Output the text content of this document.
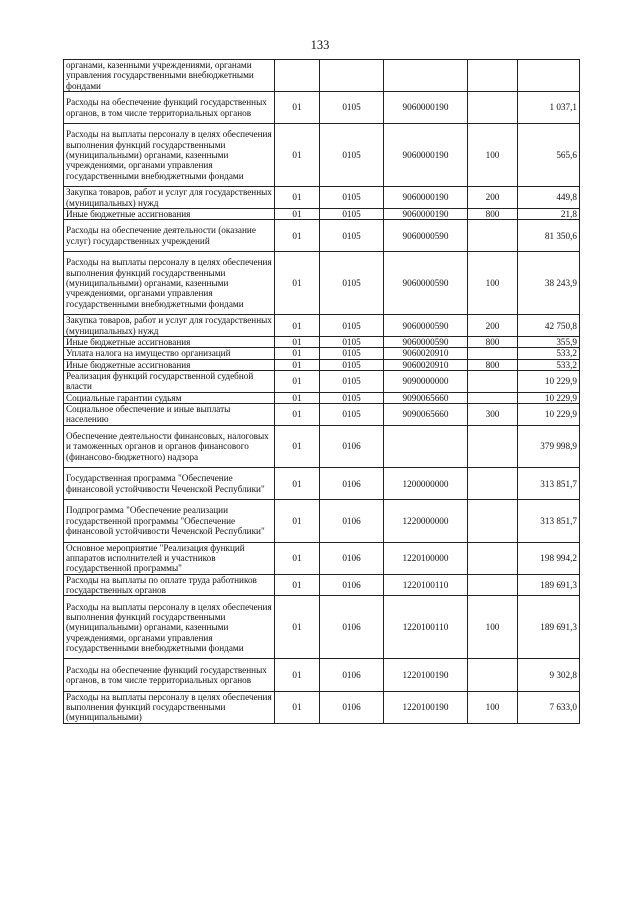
133
органами, казенными учреждениями, органами управления государственными внебюджетными фондами					
Расходы на обеспечение функций государственных органов, в том числе территориальных органов	01	0105	9060000190		1 037,1
Расходы на выплаты персоналу в целях обеспечения выполнения функций государственными (муниципальными) органами, казенными учреждениями, органами управления государственными внебюджетными фондами	01	0105	9060000190	100	565,6
Закупка товаров, работ и услуг для государственных (муниципальных) нужд	01	0105	9060000190	200	449,8
Иные бюджетные ассигнования	01	0105	9060000190	800	21,8
Расходы на обеспечение деятельности (оказание услуг) государственных учреждений	01	0105	9060000590		81 350,6
Расходы на выплаты персоналу в целях обеспечения выполнения функций государственными (муниципальными) органами, казенными учреждениями, органами управления государственными внебюджетными фондами	01	0105	9060000590	100	38 243,9
Закупка товаров, работ и услуг для государственных (муниципальных) нужд	01	0105	9060000590	200	42 750,8
Иные бюджетные ассигнования	01	0105	9060000590	800	355,9
Уплата налога на имущество организаций	01	0105	9060020910		533,2
Иные бюджетные ассигнования	01	0105	9060020910	800	533,2
Реализация функций государственной судебной власти	01	0105	9090000000		10 229,9
Социальные гарантии судьям	01	0105	9090065660		10 229,9
Социальное обеспечение и иные выплаты населению	01	0105	9090065660	300	10 229,9
Обеспечение деятельности финансовых, налоговых и таможенных органов и органов финансового (финансово-бюджетного) надзора	01	0106			379 998,9
Государственная программа "Обеспечение финансовой устойчивости Чеченской Республики"	01	0106	1200000000		313 851,7
Подпрограмма "Обеспечение реализации государственной программы "Обеспечение финансовой устойчивости Чеченской Республики"	01	0106	1220000000		313 851,7
Основное мероприятие "Реализация функций аппаратов исполнителей и участников государственной программы"	01	0106	1220100000		198 994,2
Расходы на выплаты по оплате труда работников государственных органов	01	0106	1220100110		189 691,3
Расходы на выплаты персоналу в целях обеспечения выполнения функций государственными (муниципальными) органами, казенными учреждениями, органами управления государственными внебюджетными фондами	01	0106	1220100110	100	189 691,3
Расходы на обеспечение функций государственных органов, в том числе территориальных органов	01	0106	1220100190		9 302,8
Расходы на выплаты персоналу в целях обеспечения выполнения функций государственными (муниципальными)	01	0106	1220100190	100	7 633,0
